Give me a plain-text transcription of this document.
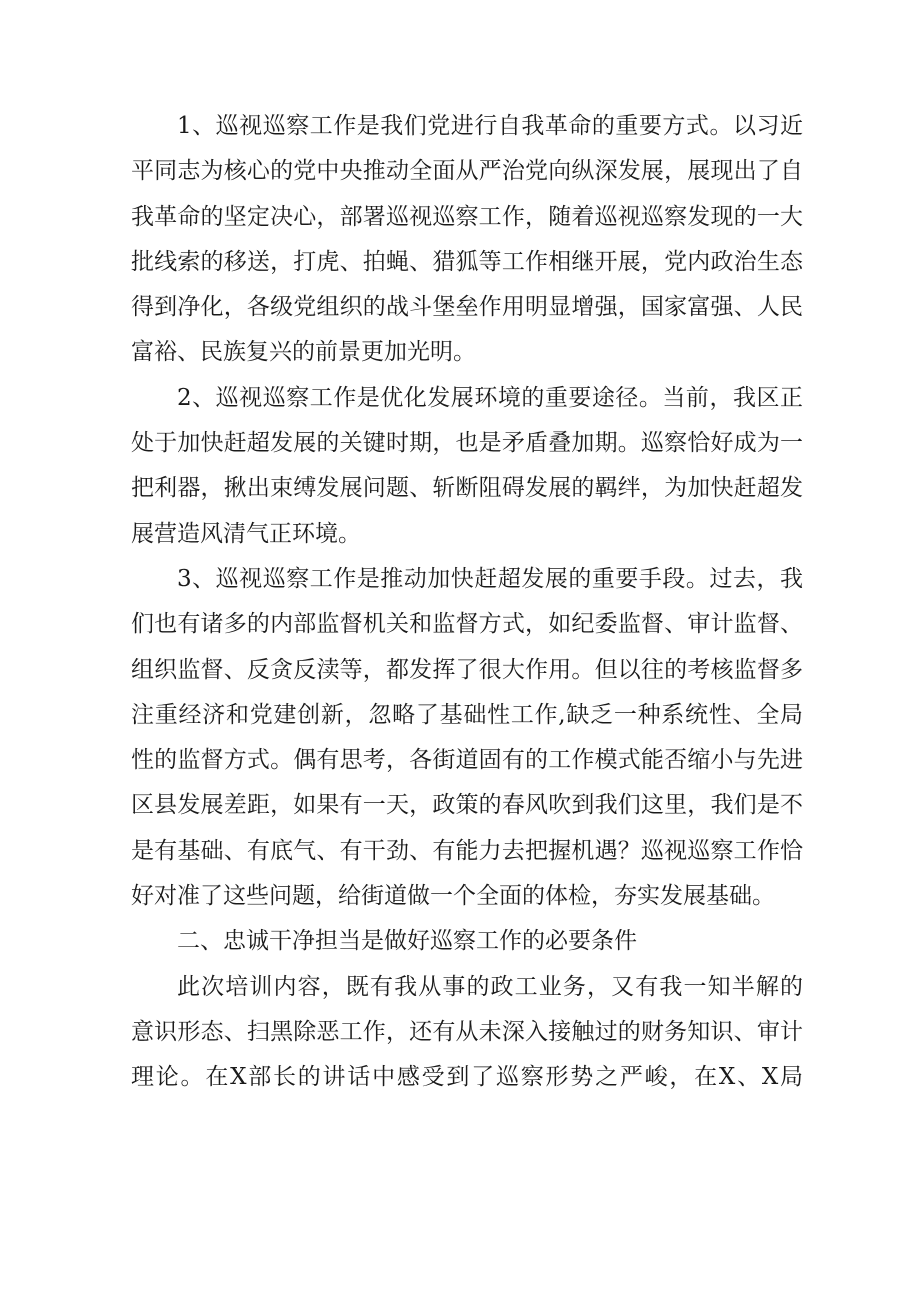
1、巡视巡察工作是我们党进行自我革命的重要方式。以习近
平同志为核心的党中央推动全面从严治党向纵深发展，展现出了自
我革命的坚定决心，部署巡视巡察工作，随着巡视巡察发现的一大
批线索的移送，打虎、拍蝇、猎狐等工作相继开展，党内政治生态
得到净化，各级党组织的战斗堡垒作用明显增强，国家富强、人民
富裕、民族复兴的前景更加光明。
2、巡视巡察工作是优化发展环境的重要途径。当前，我区正
处于加快赶超发展的关键时期，也是矛盾叠加期。巡察恰好成为一
把利器，揪出束缚发展问题、斩断阻碍发展的羁绊，为加快赶超发
展营造风清气正环境。
3、巡视巡察工作是推动加快赶超发展的重要手段。过去，我
们也有诸多的内部监督机关和监督方式，如纪委监督、审计监督、
组织监督、反贪反渎等，都发挥了很大作用。但以往的考核监督多
注重经济和党建创新，忽略了基础性工作,缺乏一种系统性、全局
性的监督方式。偶有思考，各街道固有的工作模式能否缩小与先进
区县发展差距，如果有一天，政策的春风吹到我们这里，我们是不
是有基础、有底气、有干劲、有能力去把握机遇？巡视巡察工作恰
好对准了这些问题，给街道做一个全面的体检，夯实发展基础。
二、忠诚干净担当是做好巡察工作的必要条件
此次培训内容，既有我从事的政工业务，又有我一知半解的
意识形态、扫黑除恶工作，还有从未深入接触过的财务知识、审计
理论。在X部长的讲话中感受到了巡察形势之严峻，在X、X局
